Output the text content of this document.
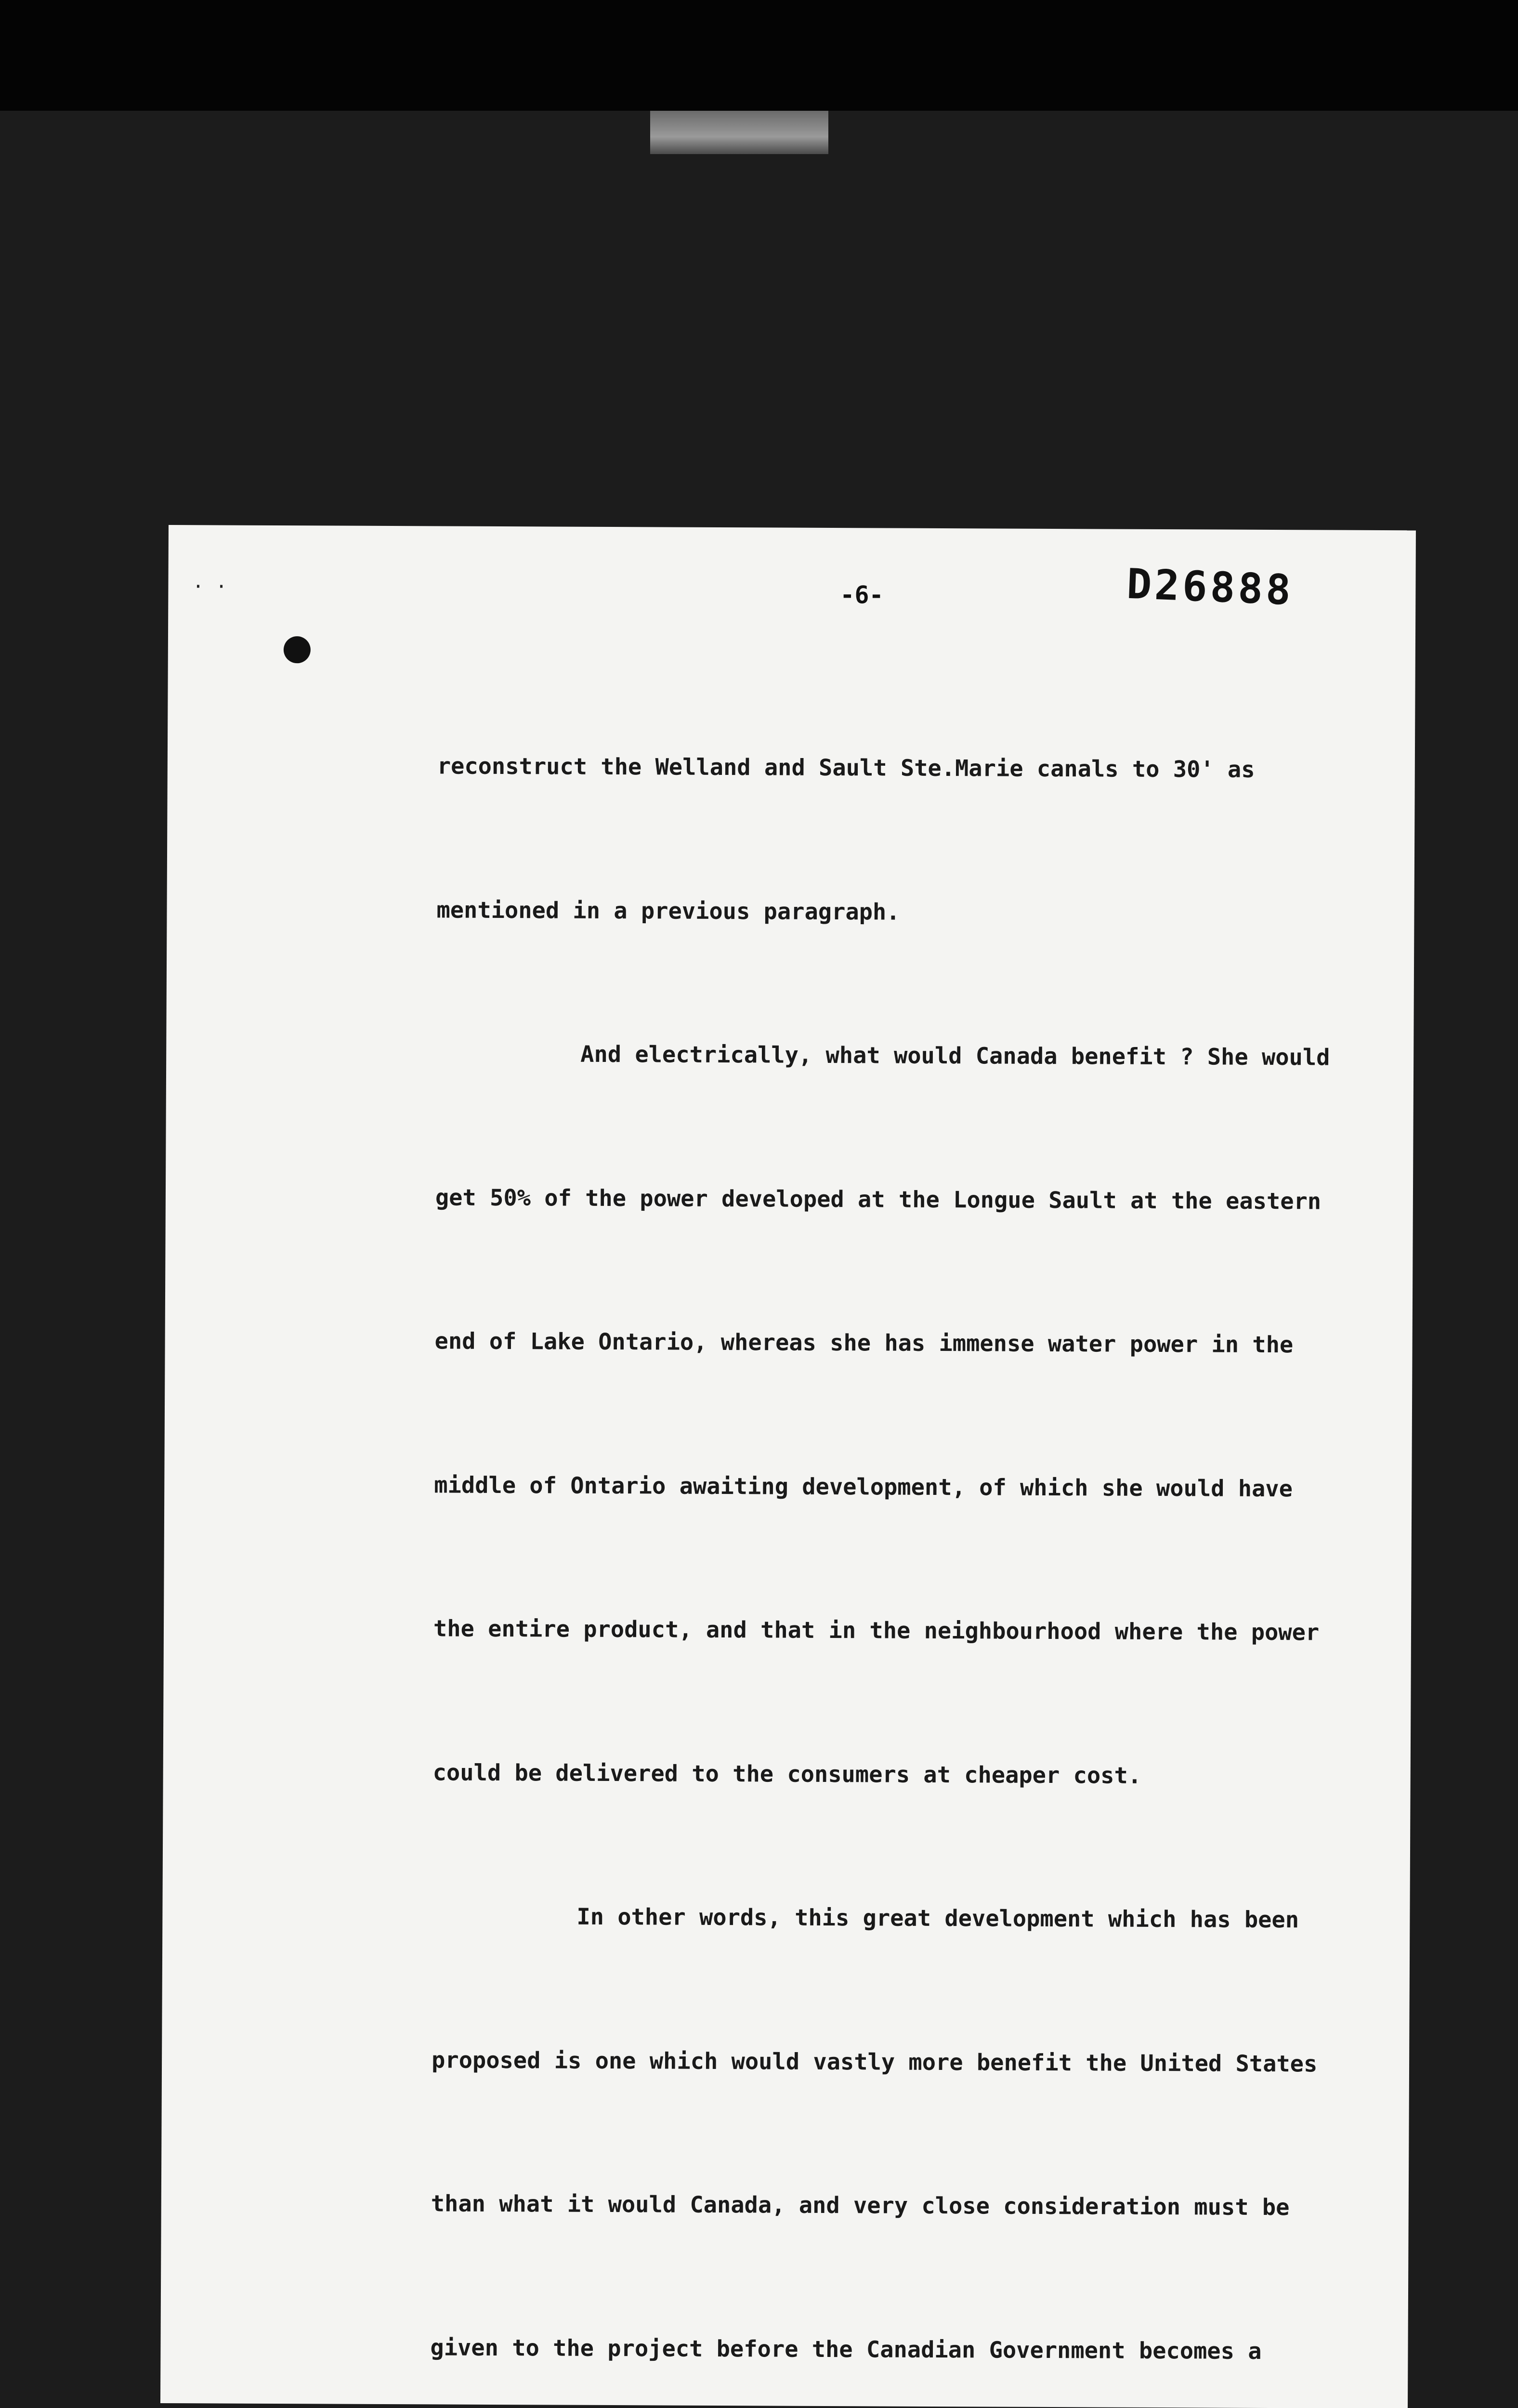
· ·	-6-	D26888

reconstruct the Welland and Sault Ste.Marie canals to 30' as

mentioned in a previous paragraph.

And electrically, what would Canada benefit ? She would

get 50% of the power developed at the Longue Sault at the eastern

end of Lake Ontario, whereas she has immense water power in the

middle of Ontario awaiting development, of which she would have

the entire product, and that in the neighbourhood where the power

could be delivered to the consumers at cheaper cost.

In other words, this great development which has been

proposed is one which would vastly more benefit the United States

than what it would Canada, and very close consideration must be

given to the project before the Canadian Government becomes a
